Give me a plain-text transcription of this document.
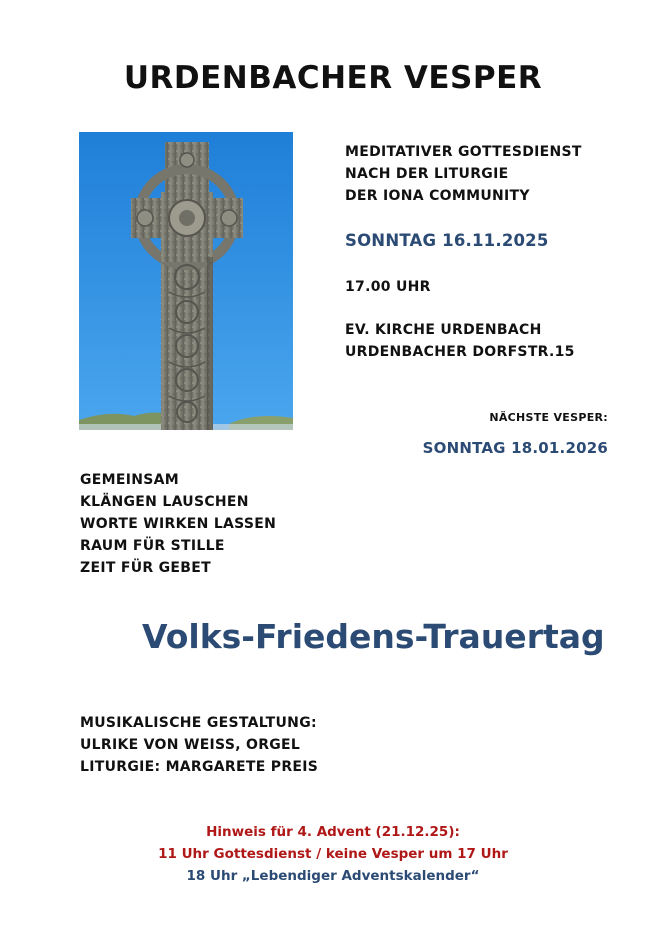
URDENBACHER VESPER
MEDITATIVER GOTTESDIENST
NACH DER LITURGIE
DER IONA COMMUNITY
SONNTAG 16.11.2025
17.00 UHR
EV. KIRCHE URDENBACH
URDENBACHER DORFSTR.15
NÄCHSTE VESPER:
SONNTAG 18.01.2026
GEMEINSAM
KLÄNGEN LAUSCHEN
WORTE WIRKEN LASSEN
RAUM FÜR STILLE
ZEIT FÜR GEBET
Volks-Friedens-Trauertag
MUSIKALISCHE GESTALTUNG:
ULRIKE VON WEISS, ORGEL
LITURGIE: MARGARETE PREIS
Hinweis für 4. Advent (21.12.25):
11 Uhr Gottesdienst / keine Vesper um 17 Uhr
18 Uhr „Lebendiger Adventskalender“
